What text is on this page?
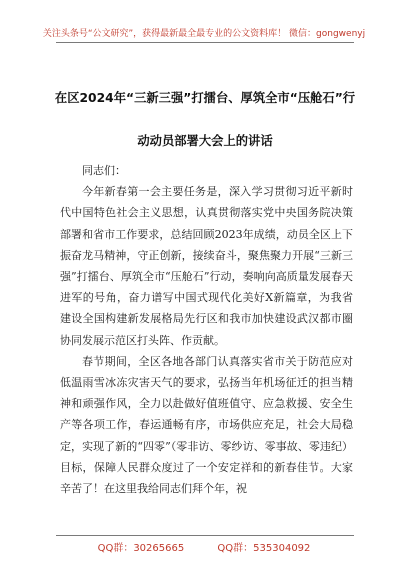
关注头条号“公文研究”，获得最新最全最专业的公文资料库！ 微信：gongwenyj
在区2024年“三新三强”打擂台、厚筑全市“压舱石”行
动动员部署大会上的讲话

同志们：

今年新春第一会主要任务是，深入学习贯彻习近平新时代中国特色社会主义思想，认真贯彻落实党中央国务院决策部署和省市工作要求，总结回顾2023年成绩，动员全区上下振奋龙马精神，守正创新，接续奋斗，聚焦聚力开展“三新三强”打擂台、厚筑全市“压舱石”行动，奏响向高质量发展春天进军的号角，奋力谱写中国式现代化美好X新篇章，为我省建设全国构建新发展格局先行区和我市加快建设武汉都市圈协同发展示范区打头阵、作贡献。

春节期间，全区各地各部门认真落实省市关于防范应对低温雨雪冰冻灾害天气的要求，弘扬当年机场征迁的担当精神和顽强作风，全力以赴做好值班值守、应急救援、安全生产等各项工作，春运通畅有序，市场供应充足，社会大局稳定，实现了新的“四零”（零非访、零纱访、零事故、零违纪）目标，保障人民群众度过了一个安定祥和的新春佳节。大家辛苦了！在这里我给同志们拜个年，祝

QQ群：30265665	QQ群：535304092
